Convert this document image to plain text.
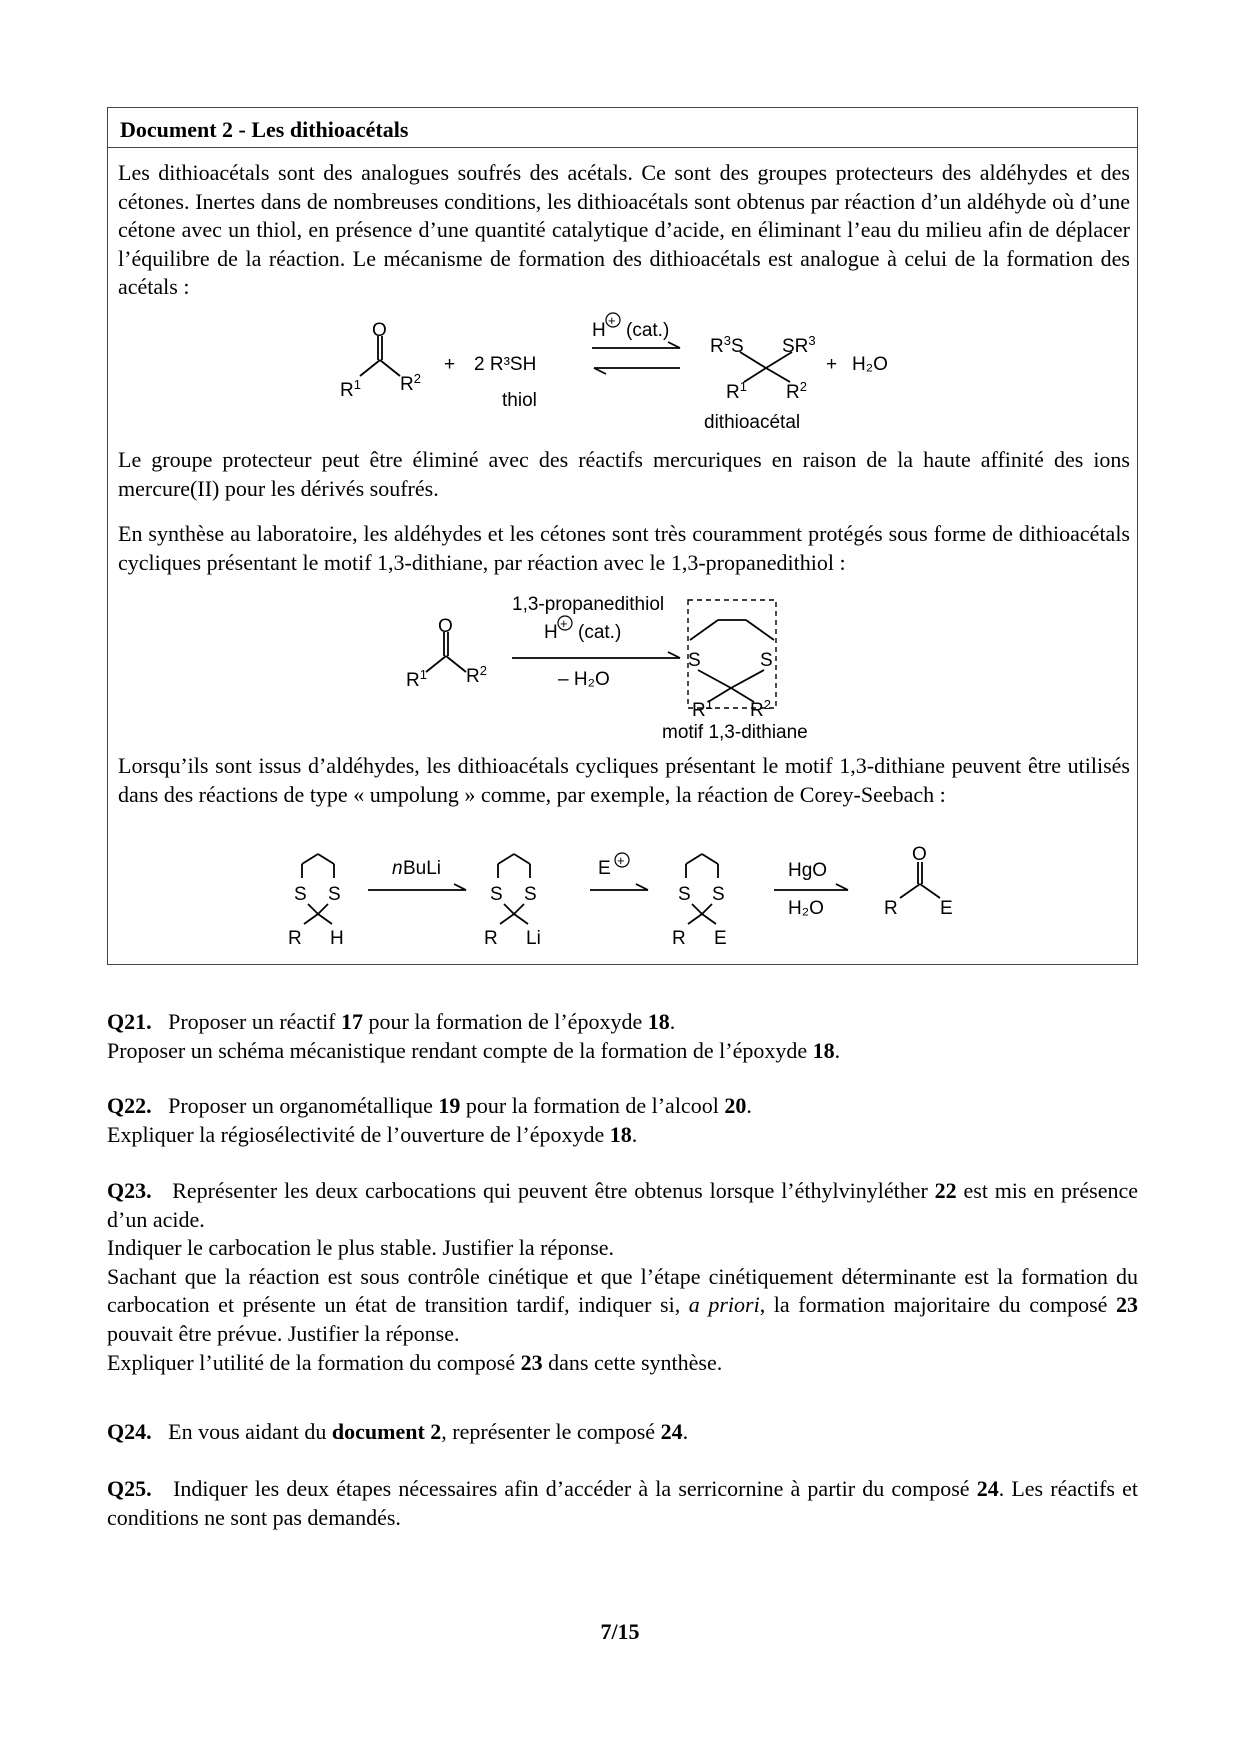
Document 2 - Les dithioacétals

Les dithioacétals sont des analogues soufrés des acétals. Ce sont des groupes protecteurs des aldéhydes et des cétones. Inertes dans de nombreuses conditions, les dithioacétals sont obtenus par réaction d’un aldéhyde où d’une cétone avec un thiol, en présence d’une quantité catalytique d’acide, en éliminant l’eau du milieu afin de déplacer l’équilibre de la réaction. Le mécanisme de formation des dithioacétals est analogue à celui de la formation des acétals :

O
$R^1$ $R^2$
+ 2 R³SH
thiol
H + (cat.)
$R^3S$ $SR^3$
$R^1$ $R^2$
dithioacétal
+ H₂O

Le groupe protecteur peut être éliminé avec des réactifs mercuriques en raison de la haute affinité des ions mercure(II) pour les dérivés soufrés.

En synthèse au laboratoire, les aldéhydes et les cétones sont très couramment protégés sous forme de dithioacétals cycliques présentant le motif 1,3-dithiane, par réaction avec le 1,3-propanedithiol :

O
$R^1$ $R^2$
1,3-propanedithiol
H + (cat.)
– H₂O
S	S
$R^1$ $R^2$
motif 1,3-dithiane

Lorsqu’ils sont issus d’aldéhydes, les dithioacétals cycliques présentant le motif 1,3-dithiane peuvent être utilisés dans des réactions de type « umpolung » comme, par exemple, la réaction de Corey-Seebach :

S S
R H
n BuLi
S S
R Li
E +
S S
R E
HgO
H₂O
O
R E

Q21. Proposer un réactif 17 pour la formation de l’époxyde 18.
Proposer un schéma mécanistique rendant compte de la formation de l’époxyde 18.

Q22. Proposer un organométallique 19 pour la formation de l’alcool 20.
Expliquer la régiosélectivité de l’ouverture de l’époxyde 18.

Q23. Représenter les deux carbocations qui peuvent être obtenus lorsque l’éthylvinyléther 22 est mis en présence d’un acide.
Indiquer le carbocation le plus stable. Justifier la réponse.
Sachant que la réaction est sous contrôle cinétique et que l’étape cinétiquement déterminante est la formation du carbocation et présente un état de transition tardif, indiquer si, a priori, la formation majoritaire du composé 23 pouvait être prévue. Justifier la réponse.
Expliquer l’utilité de la formation du composé 23 dans cette synthèse.

Q24. En vous aidant du document 2, représenter le composé 24.

Q25. Indiquer les deux étapes nécessaires afin d’accéder à la serricornine à partir du composé 24. Les réactifs et conditions ne sont pas demandés.

7/15
